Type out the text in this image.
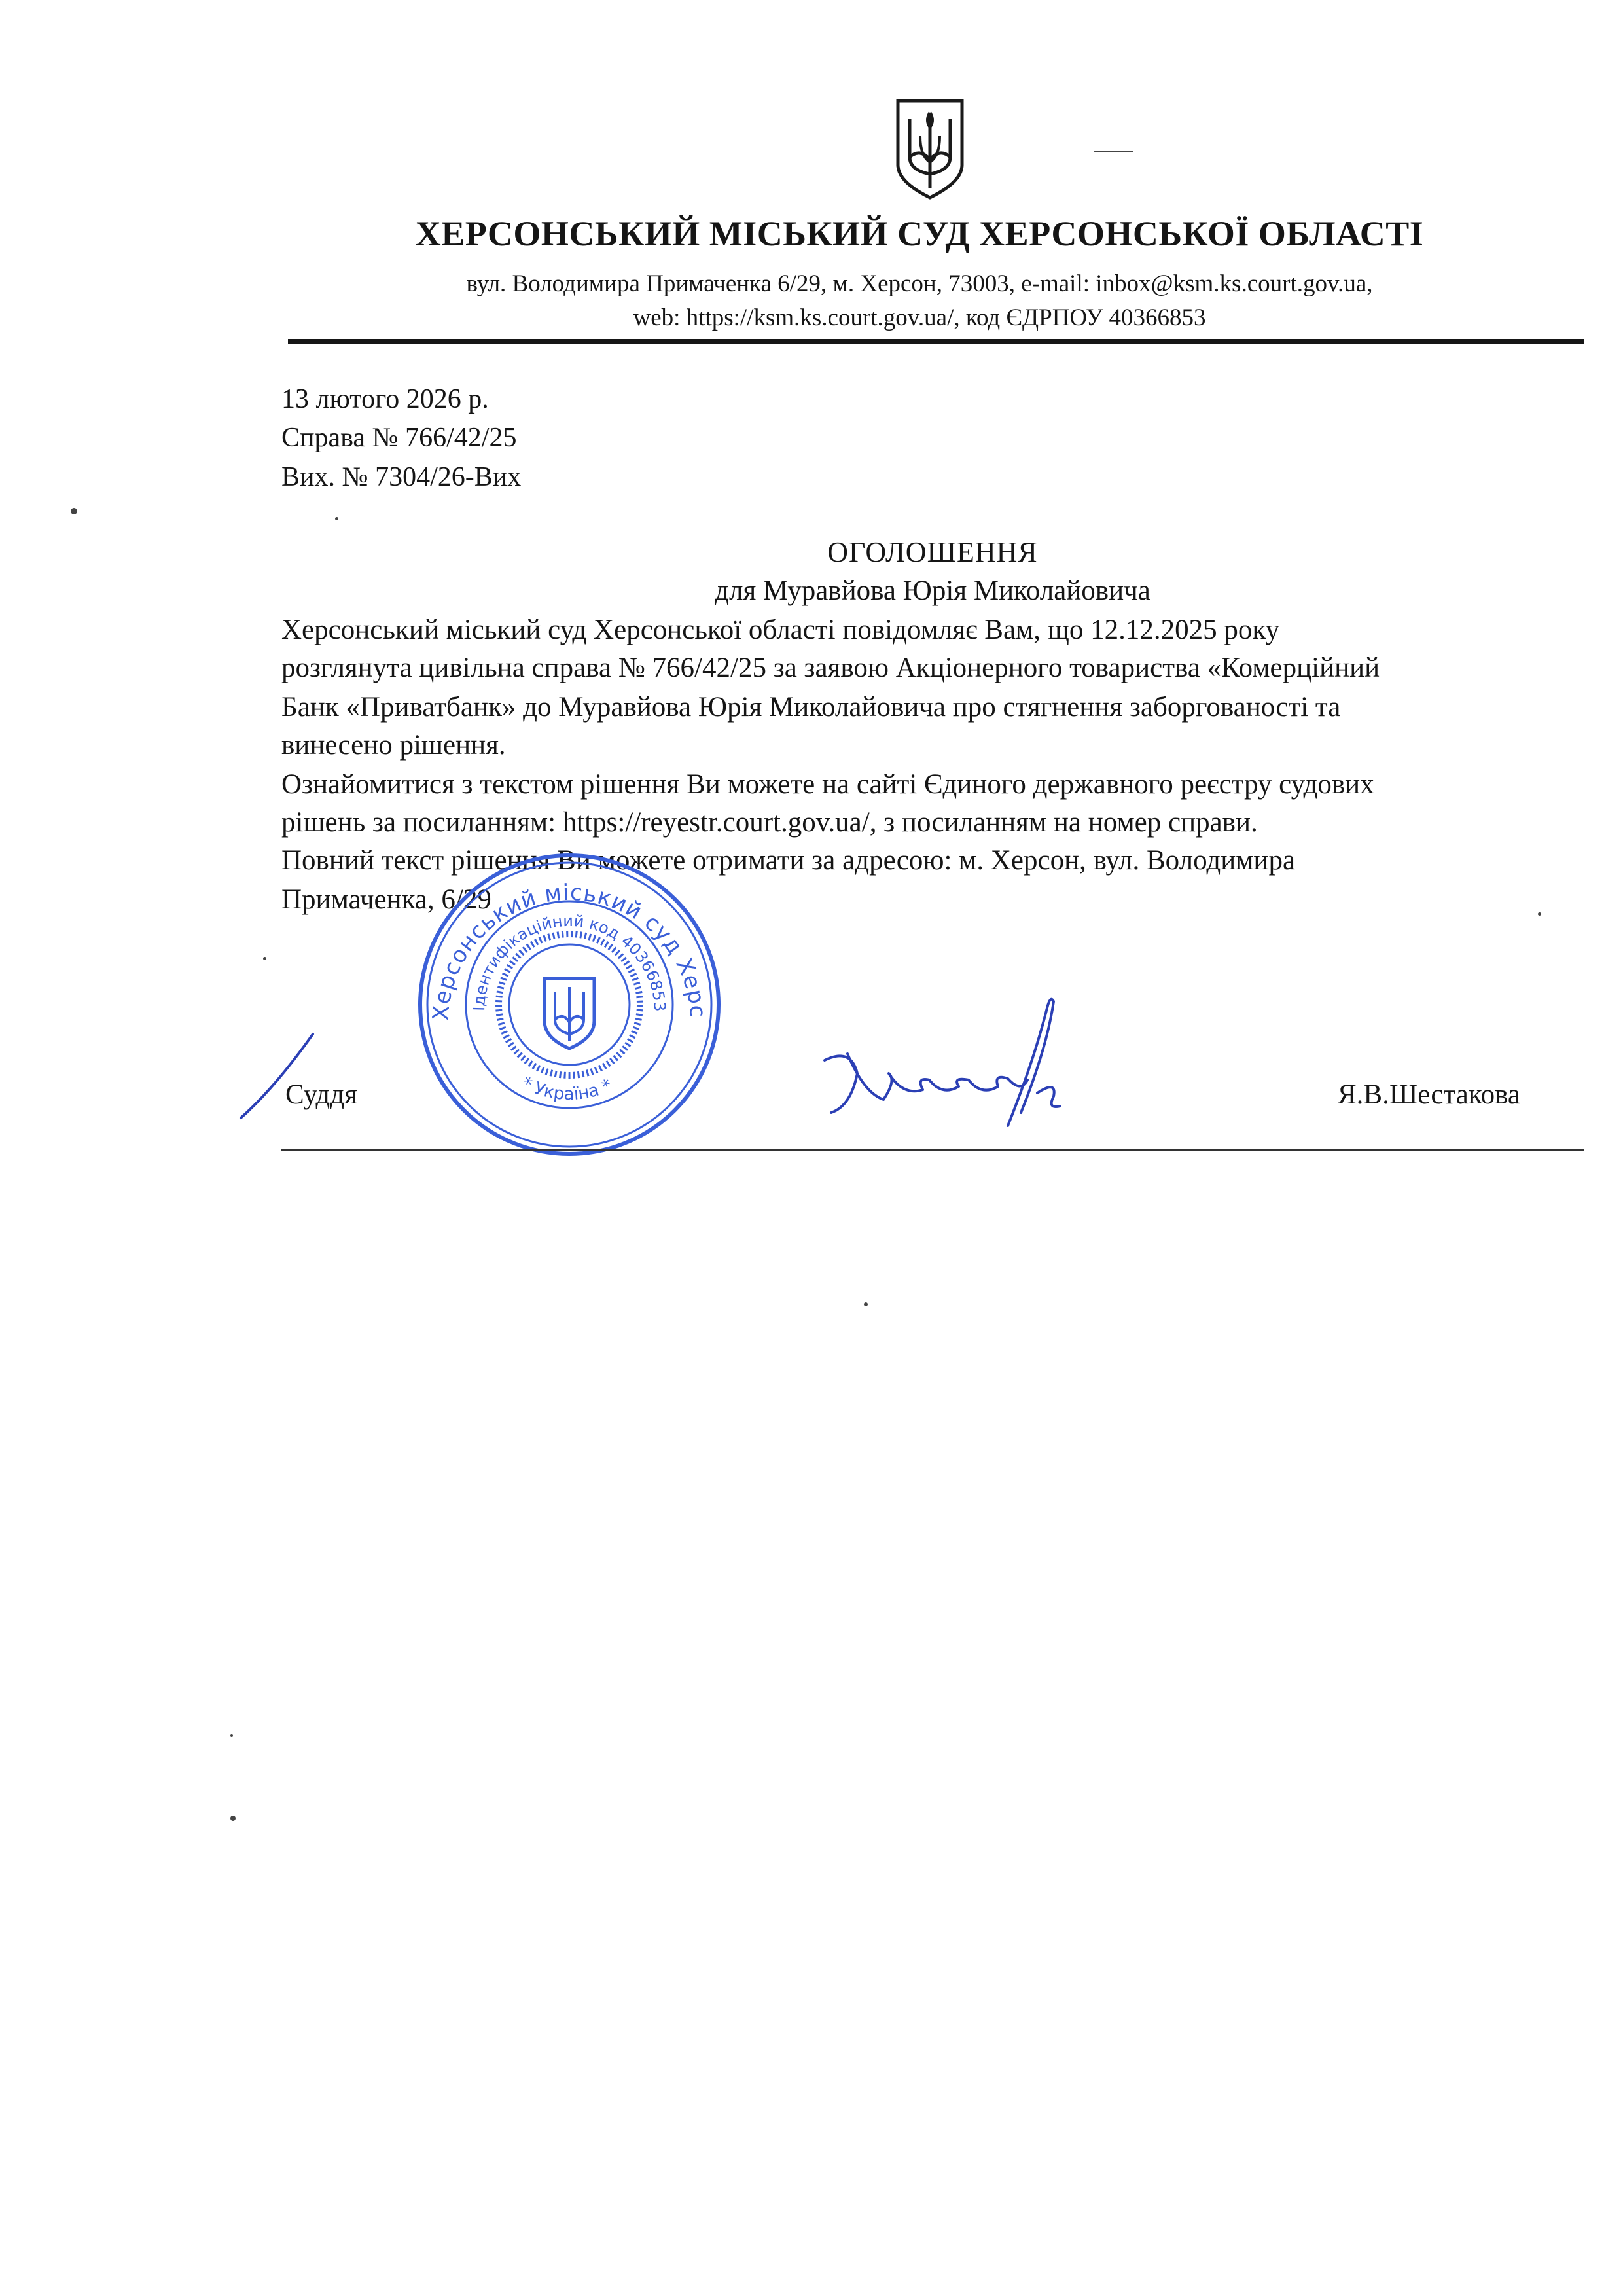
ХЕРСОНСЬКИЙ МІСЬКИЙ СУД ХЕРСОНСЬКОЇ ОБЛАСТІ
вул. Володимира Примаченка 6/29, м. Херсон, 73003, e-mail: inbox@ksm.ks.court.gov.ua,
web: https://ksm.ks.court.gov.ua/, код ЄДРПОУ 40366853
13 лютого 2026 р.
Справа № 766/42/25
Вих. № 7304/26-Вих
ОГОЛОШЕННЯ
для Муравйова Юрія Миколайовича
Херсонський міський суд Херсонської області повідомляє Вам, що 12.12.2025 року
розглянута цивільна справа № 766/42/25 за заявою Акціонерного товариства «Комерційний
Банк «Приватбанк» до Муравйова Юрія Миколайовича про стягнення заборгованості та
винесено рішення.
Ознайомитися з текстом рішення Ви можете на сайті Єдиного державного реєстру судових
рішень за посиланням: https://reyestr.court.gov.ua/, з посиланням на номер справи.
Повний текст рішення Ви можете отримати за адресою: м. Херсон, вул. Володимира
Примаченка, 6/29
Суддя
Херсонський міський суд Херс
Ідентифікаційний код 40366853
* Україна *	Я.В.Шестакова
